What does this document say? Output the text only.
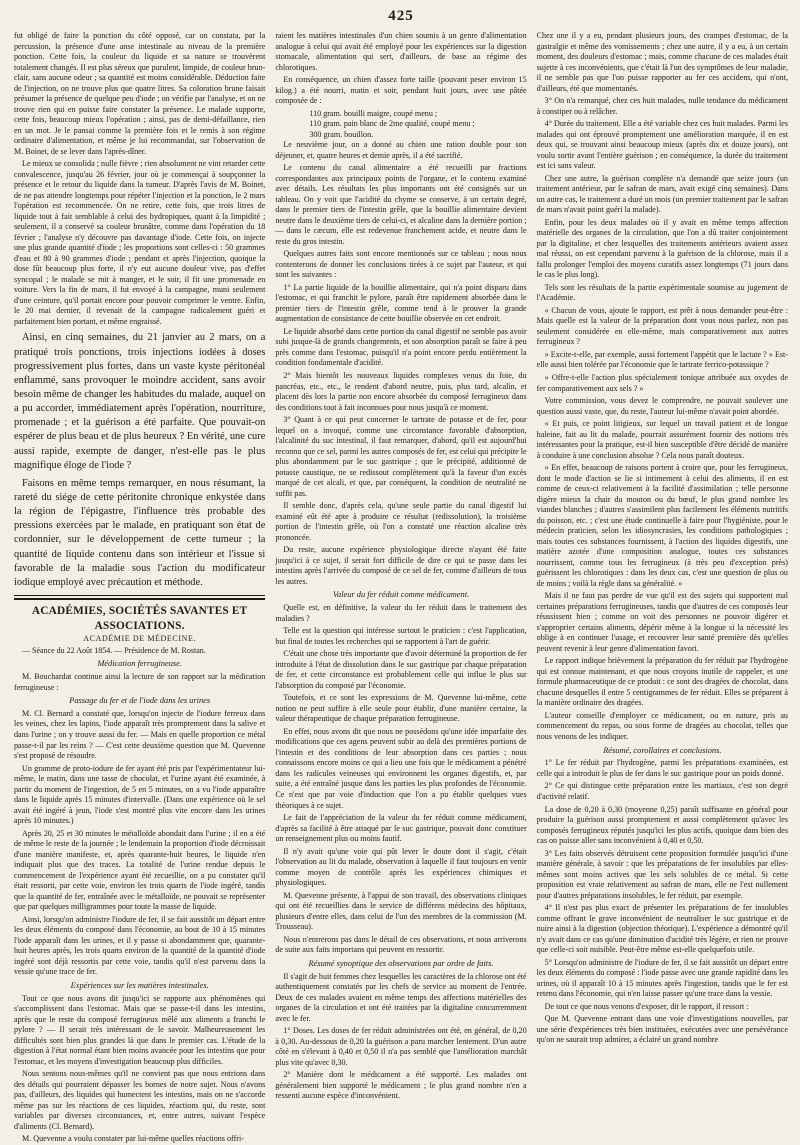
425

fut obligé de faire la ponction du côté opposé, car on constata, par la percussion, la présence d'une anse intestinale au niveau de la première ponction. Cette fois, la couleur du liquide et sa nature se trouvèrent totalement changés. Il est plus séreux que purulent, limpide, de couleur brun-clair, sans aucune odeur ; sa quantité est moins considérable. Déduction faite de l'injection, on ne trouve plus que quatre litres. Sa coloration brune faisait présumer la présence de quelque peu d'iode ; on vérifie par l'analyse, et on ne trouve rien qui en puisse faire constater la présence. Le malade supporte, cette fois, beaucoup mieux l'opération ; ainsi, pas de demi-défaillance, rien en un mot. Je le pansai comme la première fois et le remis à son régime ordinaire d'alimentation, et même je lui recommandai, sur l'observation de M. Boinet, de se lever dans l'après-dîner.

Le mieux se consolida ; nulle fièvre ; rien absolument ne vint retarder cette convalescence, jusqu'au 26 février, jour où je commençai à soupçonner la présence et le retour du liquide dans la tumeur. D'après l'avis de M. Boinet, de ne pas attendre longtemps pour répéter l'injection et la ponction, le 2 mars l'opération est recommencée. On ne retire, cette fois, que trois litres de liquide tout à fait semblable à celui des hydropiques, quant à la limpidité ; seulement, il a conservé sa couleur brunâtre, comme dans l'opération du 18 février ; l'analyse n'y découvre pas davantage d'iode. Cette fois, on injecte une plus grande quantité d'iode ; les proportions sont celles-ci : 50 grammes d'eau et 80 à 90 grammes d'iode ; pendant et après l'injection, quoique la dose fût beaucoup plus forte, il n'y eut aucune douleur vive, pas d'effet syncopal ; le malade se mit à manger, et le soir, il fit une promenade en voiture. Vers la fin de mars, il fut envoyé à la campagne, muni seulement d'une ceinture, qu'il portait encore pour pouvoir comprimer le ventre. Enfin, le 20 mai dernier, il revenait de la campagne radicalement guéri et parfaitement bien portant, et même engraissé.

Ainsi, en cinq semaines, du 21 janvier au 2 mars, on a pratiqué trois ponctions, trois injections iodées à doses progressivement plus fortes, dans un vaste kyste péritonéal enflammé, sans provoquer le moindre accident, sans avoir besoin même de changer les habitudes du malade, auquel on a pu accorder, immédiatement après l'opération, nourriture, promenade ; et la guérison a été parfaite. Que pouvait-on espérer de plus beau et de plus heureux ? En vérité, une cure aussi rapide, exempte de danger, n'est-elle pas le plus magnifique éloge de l'iode ?

Faisons en même temps remarquer, en nous résumant, la rareté du siége de cette péritonite chronique enkystée dans la région de l'épigastre, l'influence très probable des pressions exercées par le malade, en pratiquant son état de cordonnier, sur le développement de cette tumeur ; la quantité de liquide contenu dans son intérieur et l'issue si favorable de la maladie sous l'action du modificateur iodique employé avec précaution et méthode.

ACADÉMIES, SOCIÉTÉS SAVANTES ET ASSOCIATIONS.
ACADÉMIE DE MÉDECINE.
— Séance du 22 Août 1854. — Présidence de M. Rostan.
Médication ferrugineuse.

M. Bouchardat continue ainsi la lecture de son rapport sur la médication ferrugineuse :

Passage du fer et de l'iode dans les urines

M. Cl. Bernard a constaté que, lorsqu'on injecte de l'iodure ferreux dans les veines, chez les lapins, l'iode apparaît très promptement dans la salive et dans l'urine ; on y trouve aussi du fer. — Mais en quelle proportion ce métal passe-t-il par les reins ? — C'est cette deuxième question que M. Quevenne s'est proposé de résoudre.

Un gramme de proto-iodure de fer ayant été pris par l'expérimentateur lui-même, le matin, dans une tasse de chocolat, et l'urine ayant été examinée, à partir du moment de l'ingestion, de 5 en 5 minutes, on a vu l'iode apparaître dans le liquide après 15 minutes d'intervalle. (Dans une expérience où le sel avait été ingéré à jeun, l'iode s'est montré plus vite encore dans les urines après 10 minutes.)

Après 20, 25 et 30 minutes le métalloïde abondait dans l'urine ; il en a été de même le reste de la journée ; le lendemain la proportion d'iode décroissait d'une manière manifeste, et, après quarante-huit heures, le liquide n'en indiquait plus que des traces. La totalité de l'urine rendue depuis le commencement de l'expérience ayant été recueillie, on a pu constater qu'il était ressorti, par cette voie, environ les trois quarts de l'iode ingéré, tandis que la quantité de fer, entraînée avec le métalloïde, ne pouvait se représenter que par quelques milligrammes pour toute la masse de liquide.

Ainsi, lorsqu'on administre l'iodure de fer, il se fait aussitôt un départ entre les deux éléments du composé dans l'économie, au bout de 10 à 15 minutes l'iode apparaît dans les urines, et il y passe si abondamment que, quarante-huit heures après, les trois quarts environ de la quantité de la quantité d'iode ingéré sont déjà ressortis par cette voie, tandis qu'il n'est parvenu dans la vessie qu'une trace de fer.

Expériences sur les matières intestinales.

Tout ce que nous avons dit jusqu'ici se rapporte aux phénomènes qui s'accomplissent dans l'estomac. Mais que se passe-t-il dans les intestins, après que le reste du composé ferrugineux mêlé aux aliments a franchi le pylore ? — Il serait très intéressant de le savoir. Malheureusement les difficultés sont bien plus grandes là que dans le premier cas. L'étude de la digestion à l'état normal étant bien moins avancée pour les intestins que pour l'estomac, et les moyens d'investigation beaucoup plus difficiles.

Nous sentons nous-mêmes qu'il ne convient pas que nous entrions dans des détails qui pourraient dépasser les bornes de notre sujet. Nous n'avons pas, d'ailleurs, des liquides qui humectent les intestins, mais on ne s'accorde même pas sur les réactions de ces liquides, réactions qui, du reste, sont variables par diverses circonstances, et, entre autres, suivant l'espèce d'aliments (Cl. Bernard).

M. Quevenne a voulu constater par lui-même quelles réactions offri-

raient les matières intestinales d'un chien soumis à un genre d'alimentation analogue à celui qui avait été employé pour les expériences sur la digestion stomacale, alimentation qui sert, d'ailleurs, de base au régime des chlorotiques.

En conséquence, un chien d'assez forte taille (pouvant peser environ 15 kilog.) a été nourri, matin et soir, pendant huit jours, avec une pâtée composée de :

110 gram. bouilli maigre, coupé menu ;

110 gram. pain blanc de 2me qualité, coupé menu ;

300 gram. bouillon.

Le neuvième jour, on a donné au chien une ration double pour son déjeuner, et, quatre heures et demie après, il a été sacrifié.

Le contenu du canal alimentaire a été recueilli par fractions correspondantes aux principaux points de l'organe, et le contenu examiné avec détails. Les résultats les plus importants ont été consignés sur un tableau. On y voit que l'acidité du chyme se conserve, à un certain degré, dans le premier tiers de l'intestin grêle, que la bouillie alimentaire devient neutre dans le deuxième tiers de celui-ci, et alcaline dans la dernière portion ; — dans le cæcum, elle est redevenue franchement acide, et neutre dans le reste du gros intestin.

Quelques autres faits sont encore mentionnés sur ce tableau ; nous nous contenterons de donner les conclusions tirées à ce sujet par l'auteur, et qui sont les suivantes :

1° La partie liquide de la bouillie alimentaire, qui n'a point disparu dans l'estomac, et qui franchit le pylore, paraît être rapidement absorbée dans le premier tiers de l'intestin grêle, comme tend à le prouver la grande augmentation de consistance de cette bouillie observée en cet endroit.

Le liquide absorbé dans cette portion du canal digestif ne semble pas avoir subi jusque-là de grands changements, et son absorption paraît se faire à peu près comme dans l'estomac, puisqu'il n'a point encore perdu entièrement la condition fondamentale d'acidité.

2° Mais bientôt les nouveaux liquides complexes venus du foie, du pancréas, etc., etc., le rendent d'abord neutre, puis, plus tard, alcalin, et placent dès lors la partie non encore absorbée du composé ferrugineux dans des conditions tout à fait inconnues pour nous jusqu'à ce moment.

3° Quant à ce qui peut concerner le tartrate de potasse et de fer, pour lequel on a invoqué, comme une circonstance favorable d'absorption, l'alcalinité du suc intestinal, il faut remarquer, d'abord, qu'il est aujourd'hui reconnu que ce sel, parmi les autres composés de fer, est celui qui précipite le plus abondamment par le suc gastrique ; que le précipité, additionné de potasse caustique, ne se redissout complètement qu'à la faveur d'un excès marqué de cet alcali, et que, par conséquent, la condition de neutralité ne suffit pas.

Il semble donc, d'après cela, qu'une seule partie du canal digestif lui examiné eût été apte à produire ce résultat (redissolution), la troisième portion de l'intestin grêle, où l'on a constaté une réaction alcaline très prononcée.

Du reste, aucune expérience physiologique directe n'ayant été faite jusqu'ici à ce sujet, il serait fort difficile de dire ce qui se passe dans les intestins après l'arrivée du composé de ce sel de fer, comme d'ailleurs de tous les autres.

Valeur du fer réduit comme médicament.

Quelle est, en définitive, la valeur du fer réduit dans le traitement des maladies ?

Telle est la question qui intéresse surtout le praticien : c'est l'application, but final de toutes les recherches qui se rapportent à l'art de guérir.

C'était une chose très importante que d'avoir déterminé la proportion de fer introduite à l'état de dissolution dans le suc gastrique par chaque préparation de fer, et cette circonstance est probablement celle qui influe le plus sur l'absorption du composé par l'économie.

Toutefois, et ce sont les expressions de M. Quevenne lui-même, cette notion ne peut suffire à elle seule pour établir, d'une manière certaine, la valeur thérapeutique de chaque préparation ferrugineuse.

En effet, nous avons dit que nous ne possédons qu'une idée imparfaite des modifications que ces agens peuvent subir au delà des premières portions de l'intestin et des conditions de leur absorption dans ces parties ; nous connaissons encore moins ce qui a lieu une fois que le médicament a pénétré dans les radicules veineuses qui environnent les organes digestifs, et, par suite, a été entraîné jusque dans les parties les plus profondes de l'économie. Ce n'est que par voie d'induction que l'on a pu établir quelques vues théoriques à ce sujet.

Le fait de l'appréciation de la valeur du fer réduit comme médicament, d'après sa facilité à être attaqué par le suc gastrique, pouvait donc constituer un renseignement plus ou moins fautif.

Il n'y avait qu'une voie qui pût lever le doute dont il s'agit, c'était l'observation au lit du malade, observation à laquelle il faut toujours en venir comme moyen de contrôle après les expériences chimiques et physiologiques.

M. Quevenne présente, à l'appui de son travail, des observations cliniques qui ont été recueillies dans le service de différens médecins des hôpitaux, plusieurs d'entre elles, dans celui de l'un des membres de la commission (M. Trousseau).

Nous n'entrerons pas dans le détail de ces observations, et nous arriverons de suite aux faits importans qui peuvent en ressortir.

Résumé synoptique des observations par ordre de faits.

Il s'agit de huit femmes chez lesquelles les caractères de la chlorose ont été authentiquement constatés par les chefs de service au moment de l'entrée. Deux de ces malades avaient en même temps des affections matérielles des organes de la circulation et ont été traitées par la digitaline concurremment avec le fer.

1° Doses. Les doses de fer réduit administrées ont été, en général, de 0,20 à 0,30. Au-dessous de 0,20 la guérison a paru marcher lentement. D'un autre côté en s'élevant à 0,40 et 0,50 il n'a pas semblé que l'amélioration marchât plus vite qu'avec 0,30.

2° Manière dont le médicament a été supporté. Les malades ont généralement bien supporté le médicament ; le plus grand nombre n'en a ressenti aucune espèce d'inconvénient.

Chez une il y a eu, pendant plusieurs jours, des crampes d'estomac, de la gastralgie et même des vomissements ; chez une autre, il y a eu, à un certain moment, des douleurs d'estomac ; mais, comme chacune de ces malades était sujette à ces inconvénients, que c'était là l'un des symptômes de leur maladie, il ne semble pas que l'on puisse rapporter au fer ces accidens, qui n'ont, d'ailleurs, été que momentanés.

3° On n'a remarqué, chez ces huit malades, nulle tendance du médicament à constiper ou à relâcher.

4° Durée du traitement. Elle a été variable chez ces huit malades. Parmi les malades qui ont éprouvé promptement une amélioration marquée, il en est deux qui, se trouvant ainsi beaucoup mieux (après dix et douze jours), ont voulu sortir avant l'entière guérison ; en conséquence, la durée du traitement est ici sans valeur.

Chez une autre, la guérison complète n'a demandé que seize jours (un traitement antérieur, par le safran de mars, avait exigé cinq semaines). Dans un autre cas, le traitement a duré un mois (un premier traitement par le safran de mars n'avait point guéri la malade).

Enfin, pour les deux malades où il y avait en même temps affection matérielle des organes de la circulation, que l'on a dû traiter conjointement par la digitaline, et chez lesquelles des traitements antérieurs avaient assez mal réussi, on est cependant parvenu à la guérison de la chlorose, mais il a fallu prolonger l'emploi des moyens curatifs assez longtemps (71 jours dans le cas le plus long).

Tels sont les résultats de la partie expérimentale soumise au jugement de l'Académie.

« Chacun de vous, ajoute le rapport, est prêt à nous demander peut-être : Mais quelle est la valeur de la préparation dont vous nous parlez, non pas seulement considérée en elle-même, mais comparativement aux autres ferrugineux ?

» Excite-t-elle, par exemple, aussi fortement l'appétit que le lactate ? » Est-elle aussi bien tolérée par l'économie que le tartrate ferrico-potassique ?

» Offre-t-elle l'action plus spécialement tonique attribuée aux oxydes de fer comparativement aux sels ? »

Votre commission, vous devez le comprendre, ne pouvait soulever une question aussi vaste, que, du reste, l'auteur lui-même n'avait point abordée.

« Et puis, ce point litigieux, sur lequel un travail patient et de longue haleine, fait au lit du malade, pourrait assurément fournir des notions très intéressantes pour la pratique, est-il bien susceptible d'être décidé de manière à conduire à une conclusion absolue ? Cela nous paraît douteux.

» En effet, beaucoup de raisons portent à croire que, pour les ferrugineux, dont le mode d'action se lie si intimement à celui des aliments, il en est comme de ceux-ci relativement à la facilité d'assimilation ; telle personne digère mieux la chair du mouton ou du bœuf, le plus grand nombre les viandes blanches ; d'autres s'assimilent plus facilement les éléments nutritifs du poisson, etc. ; c'est une étude continuelle à faire pour l'hygiéniste, pour le médecin praticien, selon les idiosyncrasies, les conditions pathologiques ; mais toutes ces substances fournissent, à l'action des liquides digestifs, une matière azotée d'une composition analogue, toutes ces substances nourrissent, comme tous les ferrugineux (à très peu d'exception près) guérissent les chlorotiques : dans les deux cas, c'est une question de plus ou de moins ; voilà la règle dans sa généralité. »

Mais il ne faut pas perdre de vue qu'il est des sujets qui supportent mal certaines préparations ferrugineuses, tandis que d'autres de ces composés leur réussissent bien ; comme on voit des personnes ne pouvoir digérer et s'approprier certains aliments, dépérir même à la longue si la nécessité les oblige à en continuer l'usage, et recouvrer leur santé première dès qu'elles peuvent revenir à leur genre d'alimentation favori.

Le rapport indique brièvement la préparation du fer réduit par l'hydrogène qui est connue maintenant, et que nous croyons inutile de rappeler, et une formule pharmaceutique de ce produit : ce sont des dragées de chocolat, dans chacune desquelles il entre 5 centigrammes de fer réduit. Elles se préparent à la manière ordinaire des dragées.

L'auteur conseille d'employer ce médicament, ou en nature, pris au commencement du repas, ou sous forme de dragées au chocolat, telles que nous venons de les indiquer.

Résumé, corollaires et conclusions.

1° Le fer réduit par l'hydrogène, parmi les préparations examinées, est celle qui a introduit le plus de fer dans le suc gastrique pour un poids donné.

2° Ce qui distingue cette préparation entre les martiaux, c'est son degré d'activité relatif.

La dose de 0,20 à 0,30 (moyenne 0,25) paraît suffisante en général pour produire la guérison aussi promptement et aussi complètement qu'avec les composés ferrugineux réputés jusqu'ici les plus actifs, quoique dans bien des cas on puisse aller sans inconvénient à 0,40 et 0,50.

3° Les faits observés détruisent cette proposition formulée jusqu'ici d'une manière générale, à savoir : que les préparations de fer insolubles par elles-mêmes sont moins actives que les sels solubles de ce métal. Si cette proposition est vraie relativement au safran de mars, elle ne l'est nullement pour d'autres préparations insolubles, le fer réduit, par exemple.

4° Il n'est pas plus exact de présenter les préparations de fer insolubles comme offrant le grave inconvénient de neutraliser le suc gastrique et de nuire ainsi à la digestion (objection théorique). L'expérience a démontré qu'il n'y avait dans ce cas qu'une diminution d'acidité très légère, et rien ne prouve que celle-ci soit nuisible. Peut-être même est-elle quelquefois utile.

5° Lorsqu'on administre de l'iodure de fer, il se fait aussitôt un départ entre les deux éléments du composé : l'iode passe avec une grande rapidité dans les urines, où il apparaît 10 à 15 minutes après l'ingestion, tandis que le fer est retenu dans l'économie, qui n'en laisse passer qu'une trace dans la vessie.

De tout ce que nous venons d'exposer, dit le rapport, il ressort :

Que M. Quevenne entrant dans une voie d'investigations nouvelles, par une série d'expériences très bien instituées, exécutées avec une persévérance qu'on ne saurait trop admirer, a éclairé un grand nombre
